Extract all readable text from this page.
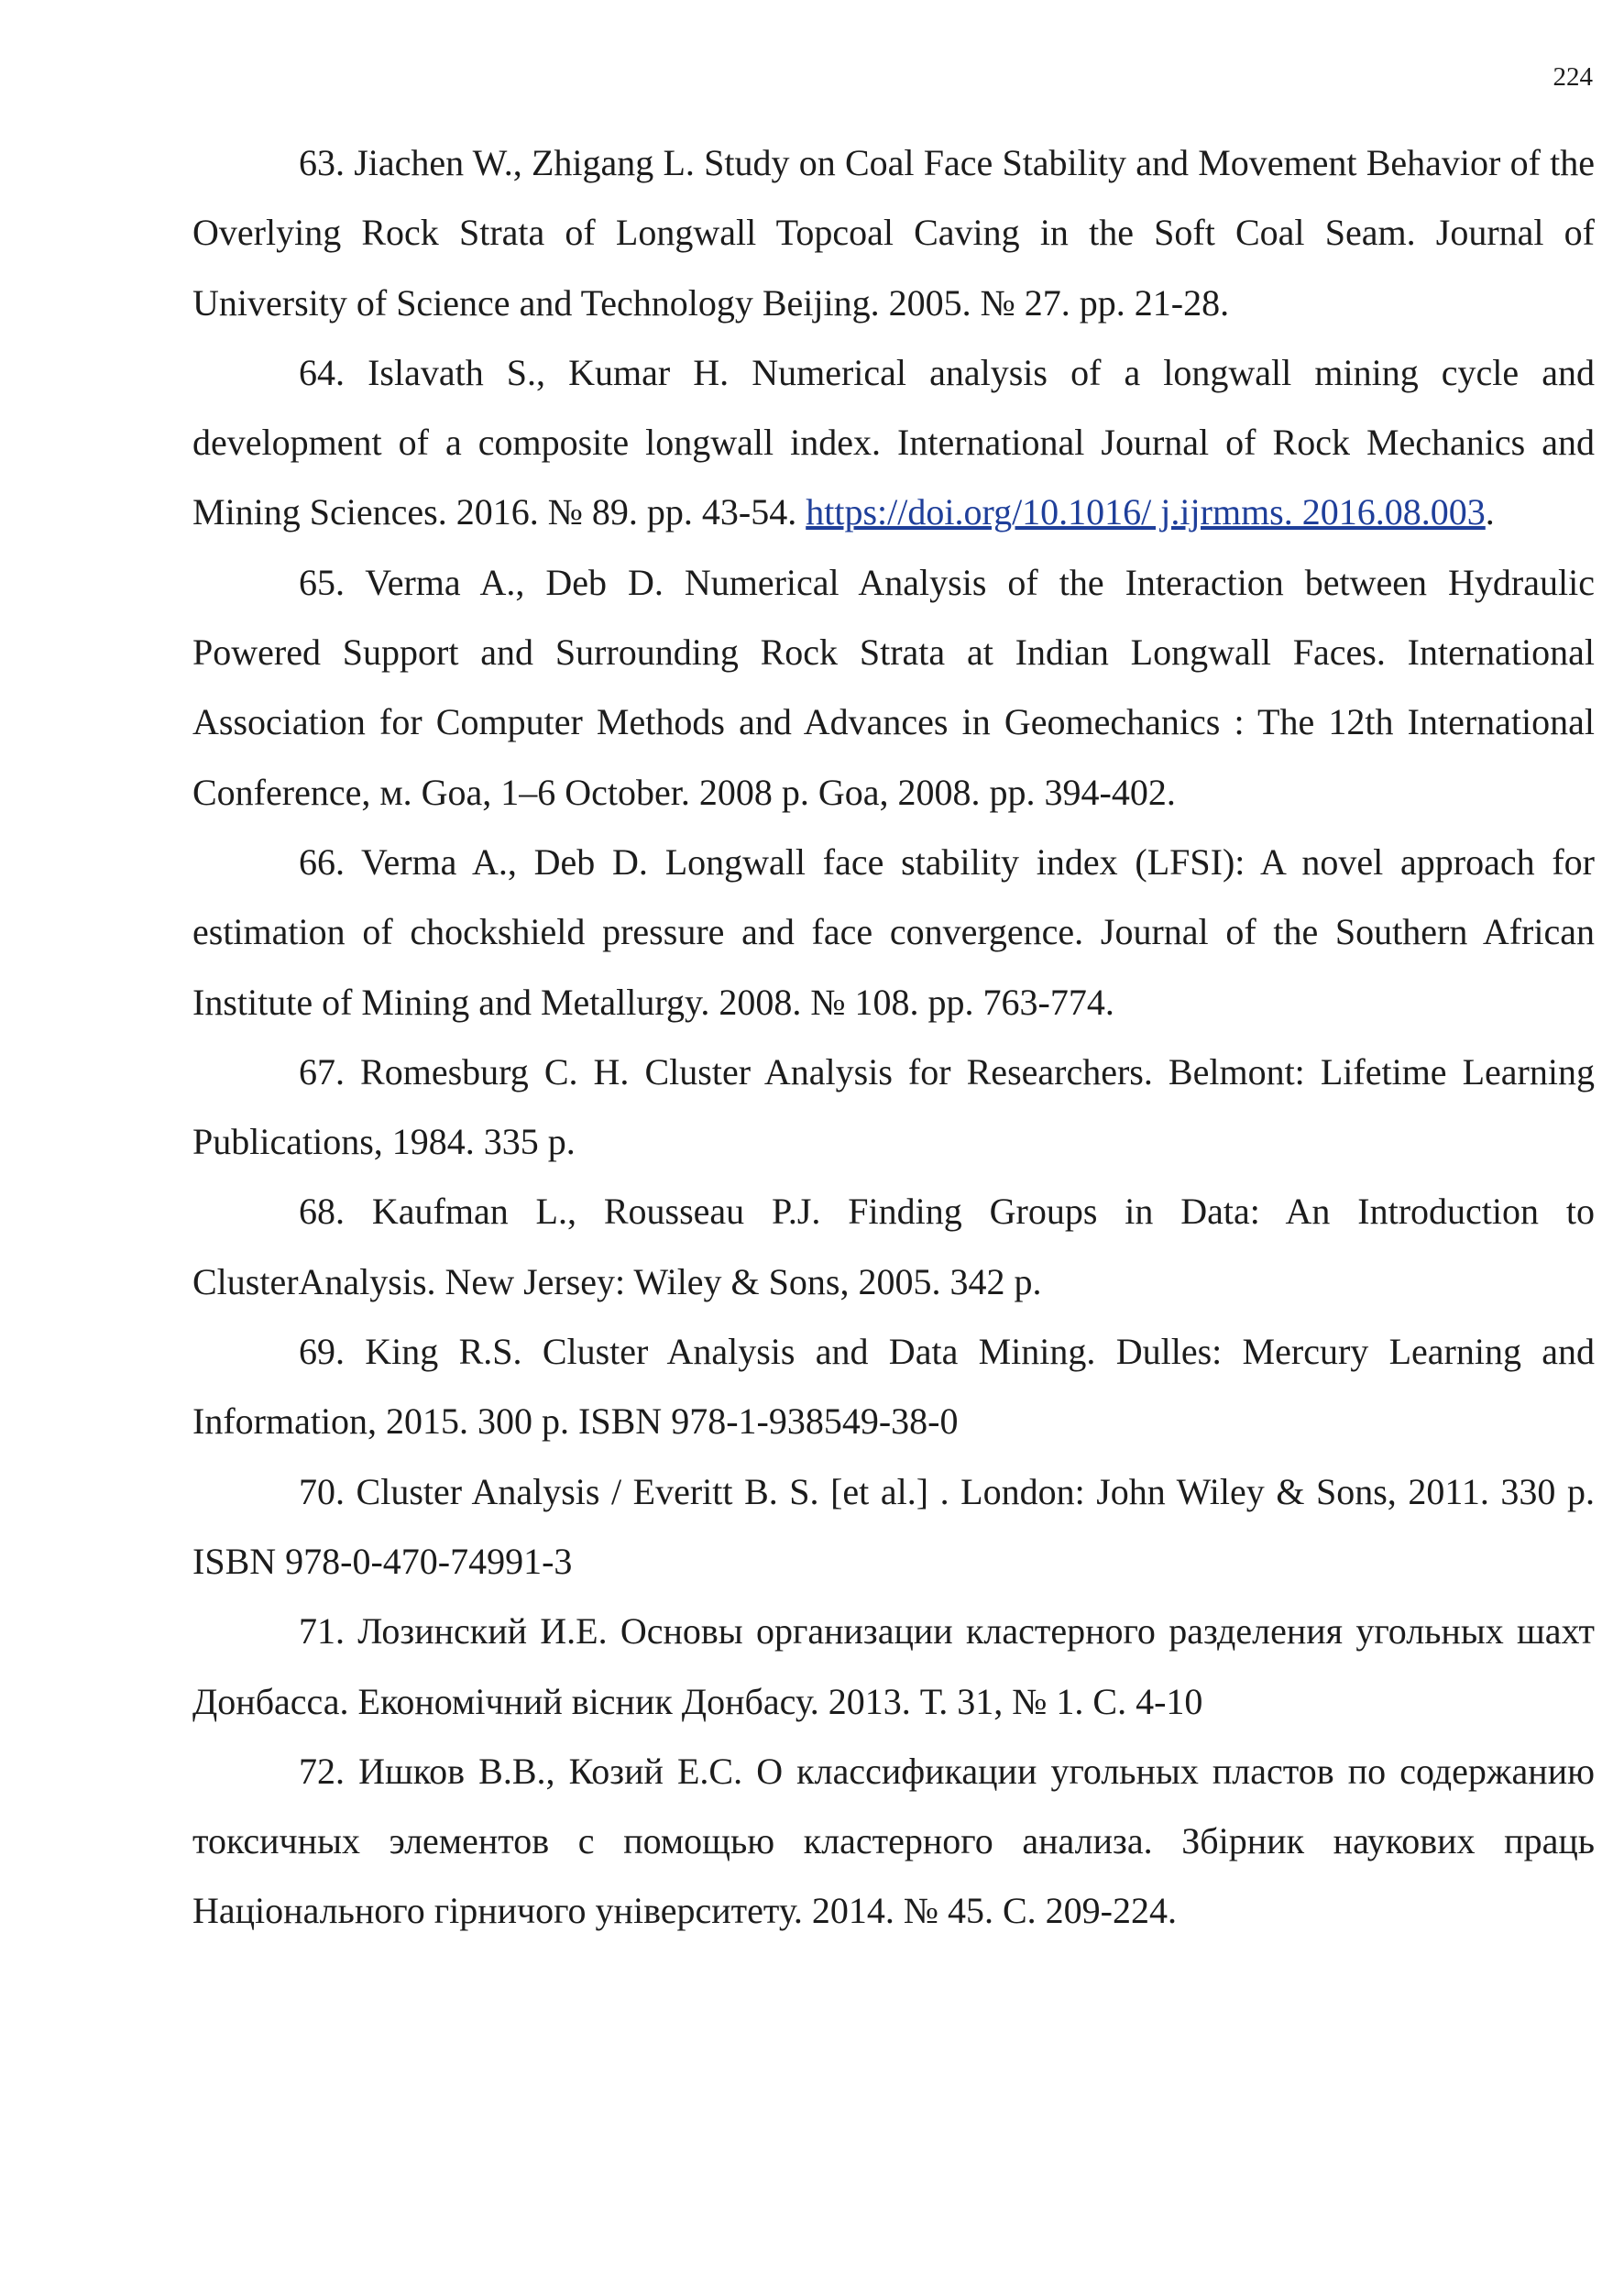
224

63. Jiachen W., Zhigang L. Study on Coal Face Stability and Movement Behavior of the Overlying Rock Strata of Longwall Topcoal Caving in the Soft Coal Seam. Journal of University of Science and Technology Beijing. 2005. № 27. pp. 21-28.

64. Islavath S., Kumar H. Numerical analysis of a longwall mining cycle and development of a composite longwall index. International Journal of Rock Mechanics and Mining Sciences. 2016. № 89. pp. 43-54. https://doi.org/10.1016/ j.ijrmms. 2016.08.003.

65. Verma A., Deb D. Numerical Analysis of the Interaction between Hydraulic Powered Support and Surrounding Rock Strata at Indian Longwall Faces. International Association for Computer Methods and Advances in Geomechanics : The 12th International Conference, м. Goa, 1–6 October. 2008 p. Goa, 2008. pp. 394-402.

66. Verma A., Deb D. Longwall face stability index (LFSI): A novel approach for estimation of chockshield pressure and face convergence. Journal of the Southern African Institute of Mining and Metallurgy. 2008. № 108. pp. 763-774.

67. Romesburg C. H. Cluster Analysis for Researchers. Belmont: Lifetime Learning Publications, 1984. 335 p.

68. Kaufman L., Rousseau P.J. Finding Groups in Data: An Introduction to ClusterAnalysis. New Jersey: Wiley & Sons, 2005. 342 p.

69. King R.S. Cluster Analysis and Data Mining. Dulles: Mercury Learning and Information, 2015. 300 p. ISBN 978-1-938549-38-0

70. Cluster Analysis / Everitt B. S. [et al.] . London: John Wiley & Sons, 2011. 330 p. ISBN 978-0-470-74991-3

71. Лозинский И.Е. Основы организации кластерного разделения угольных шахт Донбасса. Економічний вісник Донбасу. 2013. Т. 31, № 1. С. 4-10

72. Ишков В.В., Козий Е.С. О классификации угольных пластов по содержанию токсичных элементов с помощью кластерного анализа. Збірник наукових праць Національного гірничого університету. 2014. № 45. С. 209-224.
